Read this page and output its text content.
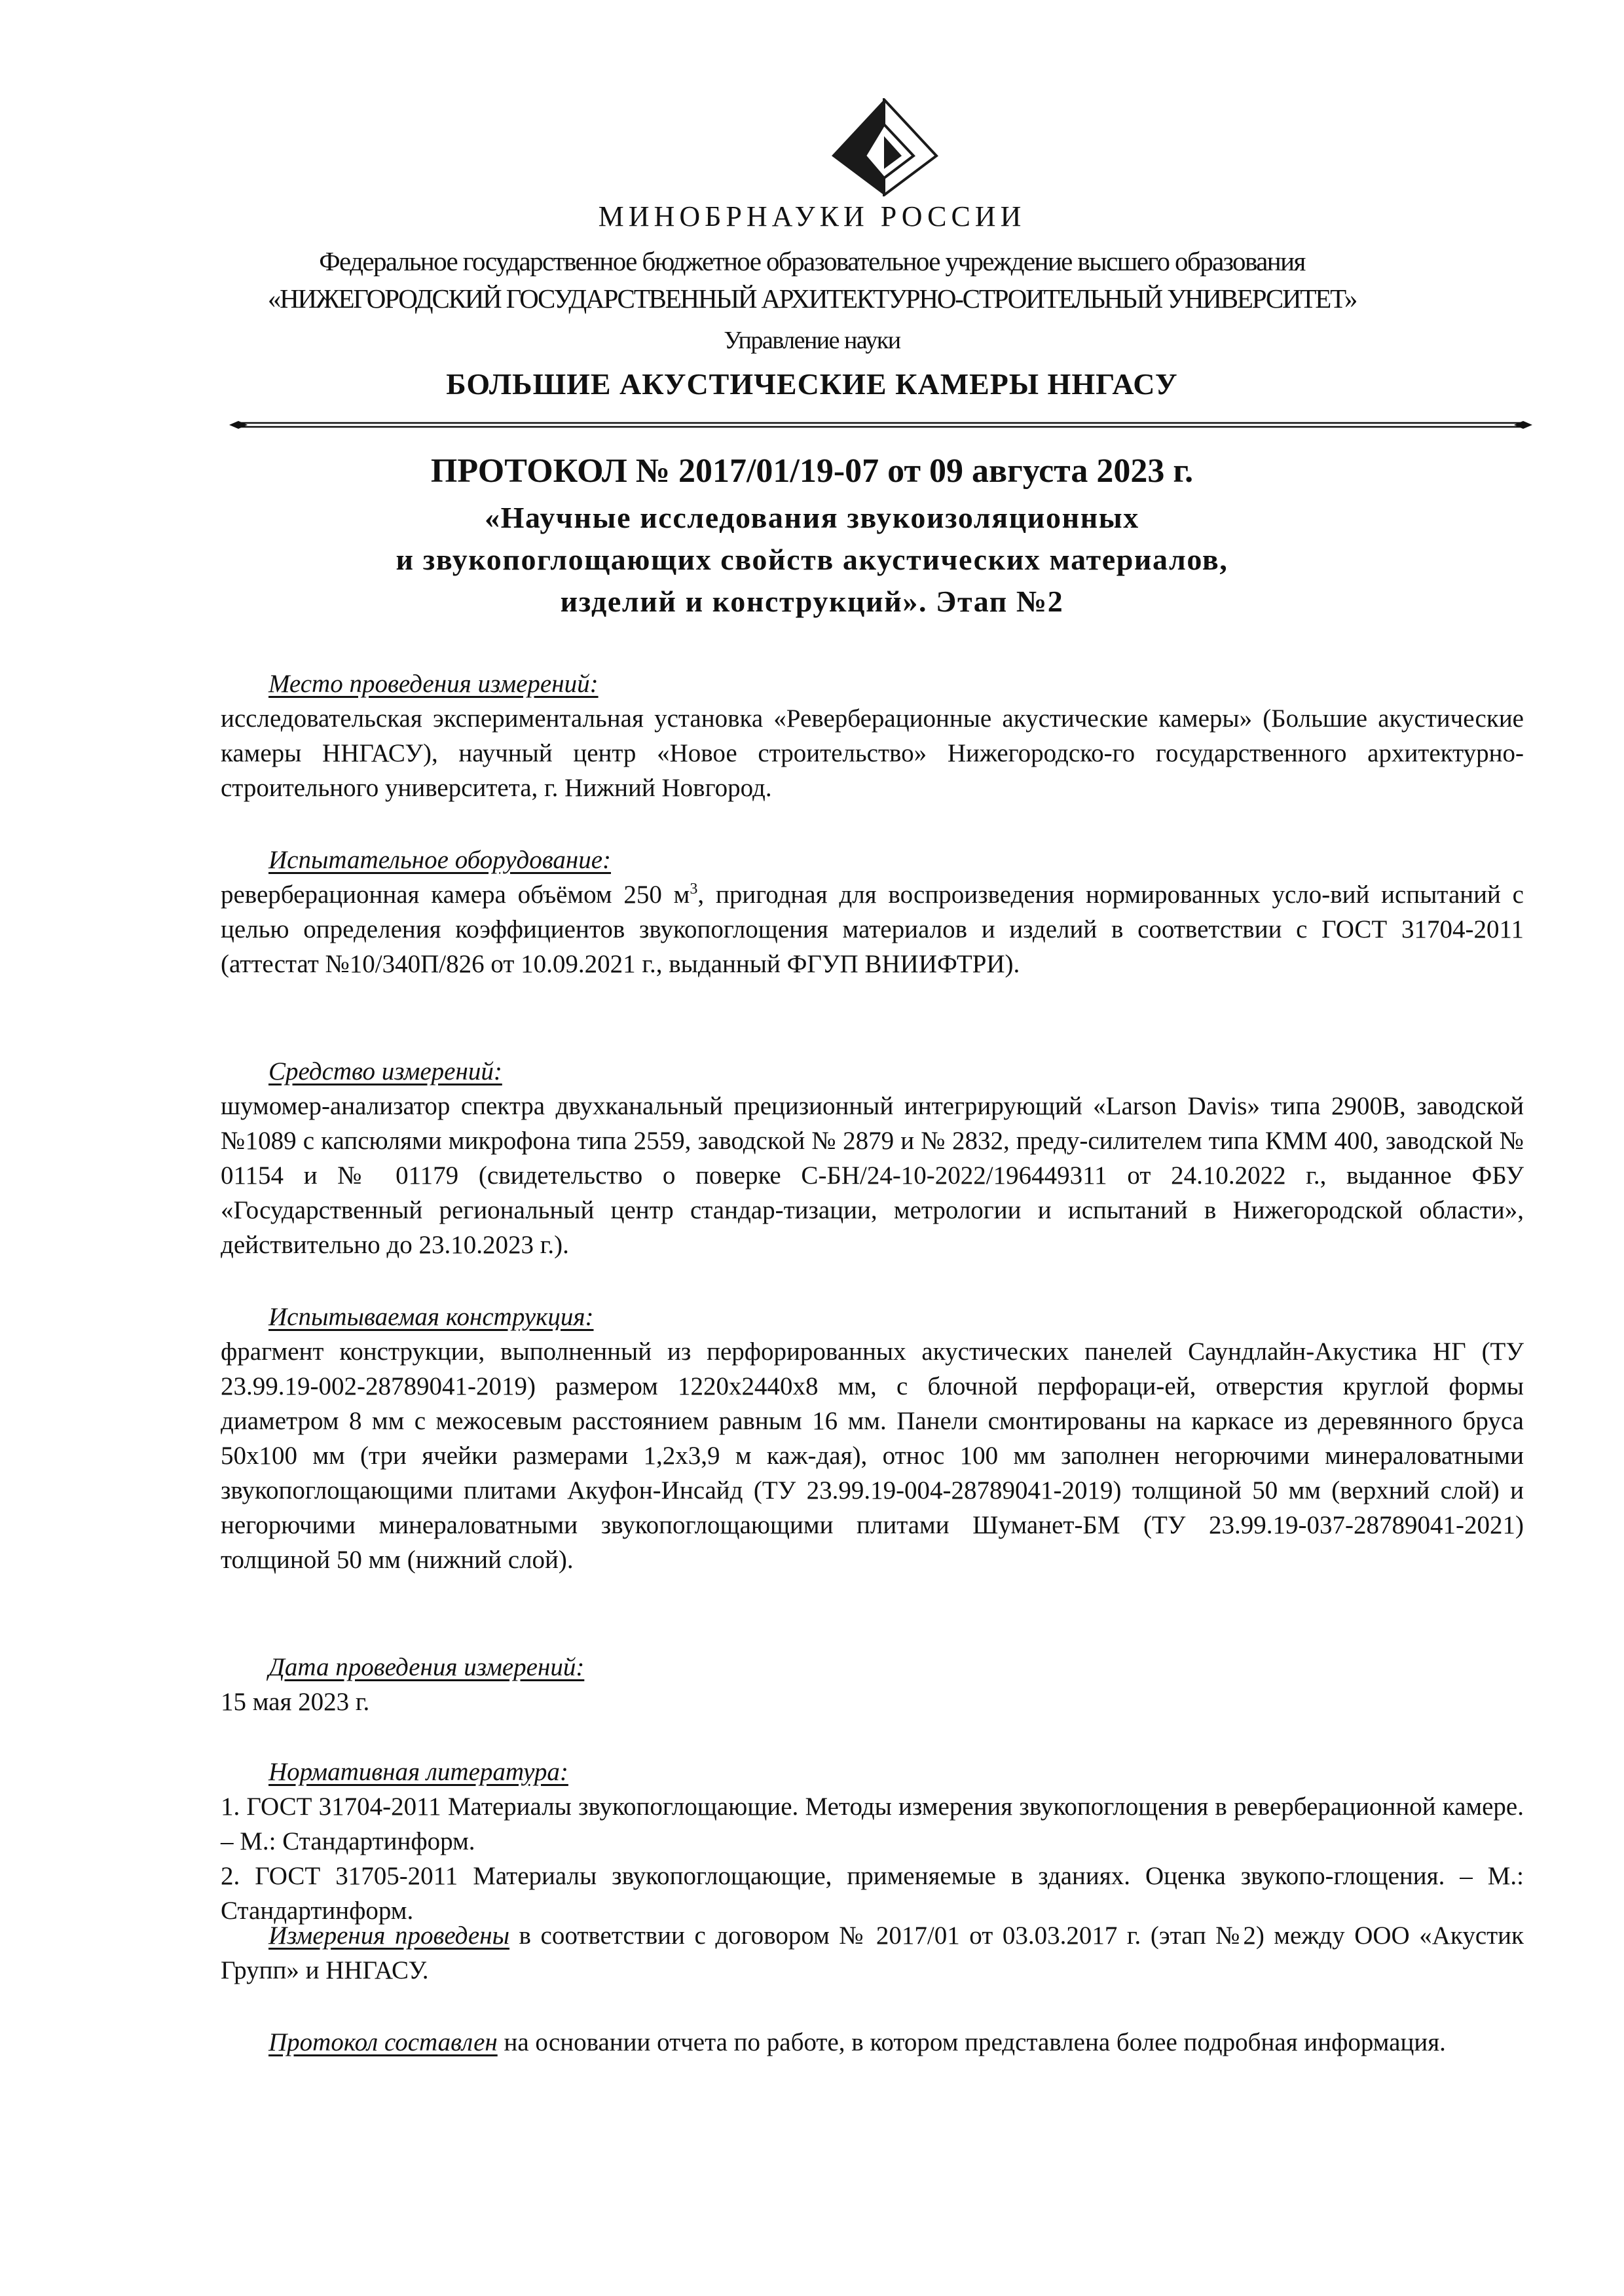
МИНОБРНАУКИ РОССИИ
Федеральное государственное бюджетное образовательное учреждение высшего образования
«НИЖЕГОРОДСКИЙ ГОСУДАРСТВЕННЫЙ АРХИТЕКТУРНО-СТРОИТЕЛЬНЫЙ УНИВЕРСИТЕТ»
Управление науки
БОЛЬШИЕ АКУСТИЧЕСКИЕ КАМЕРЫ ННГАСУ
ПРОТОКОЛ № 2017/01/19-07 от 09 августа 2023 г.
«Научные исследования звукоизоляционных
и звукопоглощающих свойств акустических материалов,
изделий и конструкций». Этап №2
Место проведения измерений:
исследовательская экспериментальная установка «Реверберационные акустические камеры» (Большие акустические камеры ННГАСУ), научный центр «Новое строительство» Нижегородско-го государственного архитектурно-строительного университета, г. Нижний Новгород.
Испытательное оборудование:
реверберационная камера объёмом 250 $м^3$, пригодная для воспроизведения нормированных усло-вий испытаний с целью определения коэффициентов звукопоглощения материалов и изделий в соответствии с ГОСТ 31704-2011 (аттестат №10/340П/826 от 10.09.2021 г., выданный ФГУП ВНИИФТРИ).
Средство измерений:
шумомер-анализатор спектра двухканальный прецизионный интегрирующий «Larson Davis» типа 2900В, заводской №1089 с капсюлями микрофона типа 2559, заводской № 2879 и № 2832, преду-силителем типа КММ 400, заводской № 01154 и № 01179 (свидетельство о поверке С-БН/24-10-2022/196449311 от 24.10.2022 г., выданное ФБУ «Государственный региональный центр стандар-тизации, метрологии и испытаний в Нижегородской области», действительно до 23.10.2023 г.).
Испытываемая конструкция:
фрагмент конструкции, выполненный из перфорированных акустических панелей Саундлайн-Акустика НГ (ТУ 23.99.19-002-28789041-2019) размером 1220х2440х8 мм, с блочной перфораци-ей, отверстия круглой формы диаметром 8 мм с межосевым расстоянием равным 16 мм. Панели смонтированы на каркасе из деревянного бруса 50х100 мм (три ячейки размерами 1,2х3,9 м каж-дая), относ 100 мм заполнен негорючими минераловатными звукопоглощающими плитами Акуфон-Инсайд (ТУ 23.99.19-004-28789041-2019) толщиной 50 мм (верхний слой) и негорючими минераловатными звукопоглощающими плитами Шуманет-БМ (ТУ 23.99.19-037-28789041-2021) толщиной 50 мм (нижний слой).
Дата проведения измерений:
15 мая 2023 г.
Нормативная литература:
1. ГОСТ 31704-2011 Материалы звукопоглощающие. Методы измерения звукопоглощения в реверберационной камере. – М.: Стандартинформ.
2. ГОСТ 31705-2011 Материалы звукопоглощающие, применяемые в зданиях. Оценка звукопо-глощения. – М.: Стандартинформ.
Измерения проведены в соответствии с договором № 2017/01 от 03.03.2017 г. (этап №2) между ООО «Акустик Групп» и ННГАСУ.
Протокол составлен на основании отчета по работе, в котором представлена более подробная информация.
